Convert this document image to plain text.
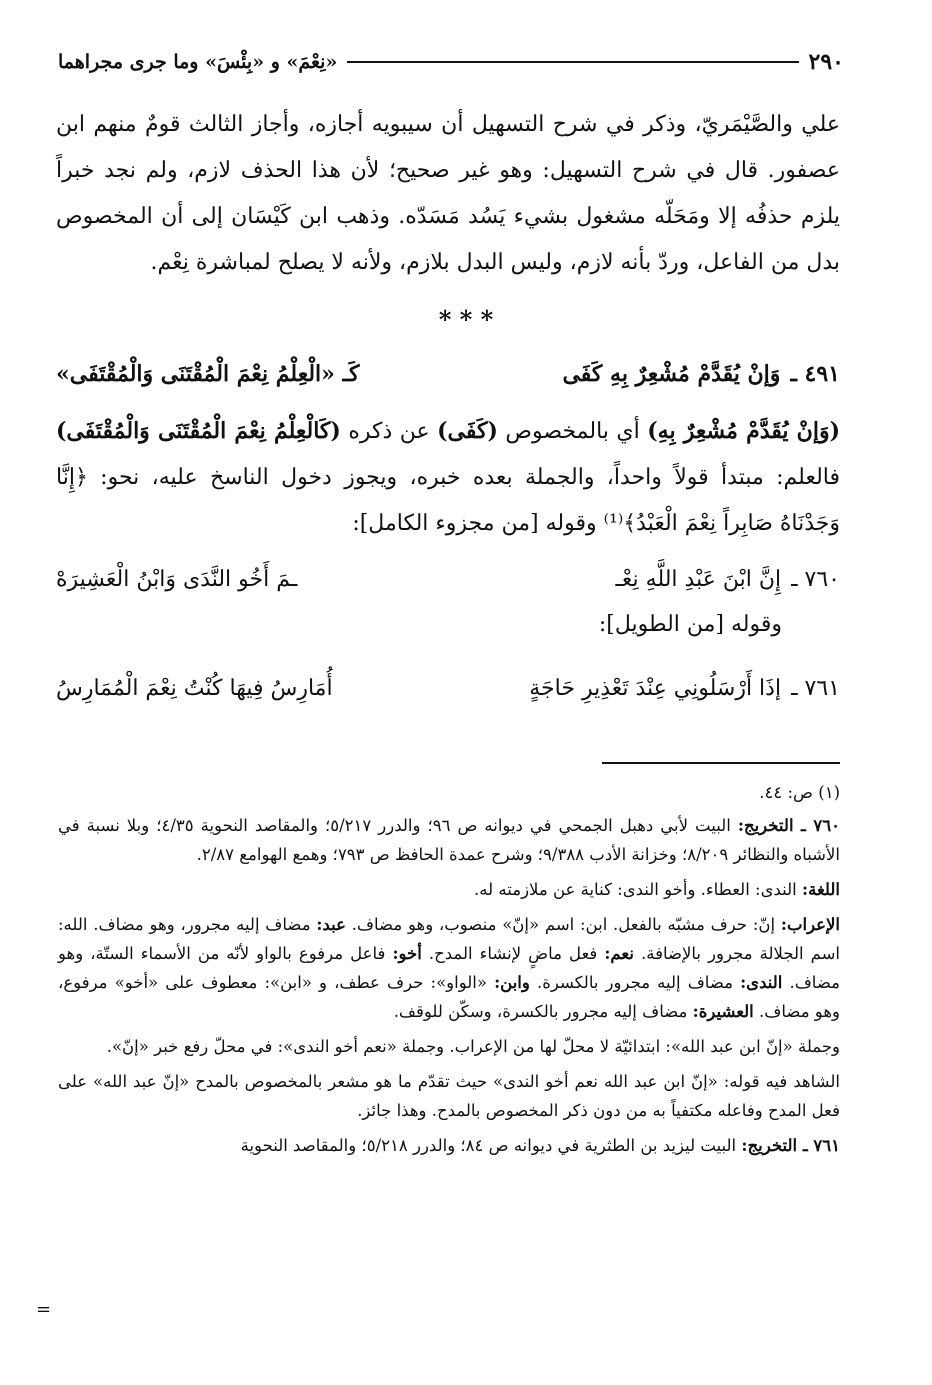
٢٩٠
«نِعْمَ» و «بِئْسَ» وما جرى مجراهما
علي والصَّيْمَريّ، وذكر في شرح التسهيل أن سيبويه أجازه، وأجاز الثالث قومٌ منهم ابن عصفور. قال في شرح التسهيل: وهو غير صحيح؛ لأن هذا الحذف لازم، ولم نجد خبراً يلزم حذفُه إلا ومَحَلّه مشغول بشيء يَسُد مَسَدّه. وذهب ابن كَيْسَان إلى أن المخصوص بدل من الفاعل، وردّ بأنه لازم، وليس البدل بلازم، ولأنه لا يصلح لمباشرة نِعْم.
* * *
٤٩١ ـ
وَإنْ يُقَدَّمْ مُشْعِرٌ بِهِ كَفَى
كَـ «الْعِلْمُ نِعْمَ الْمُقْتَنَى وَالْمُقْتَفَى»
(وَإنْ يُقَدَّمْ مُشْعِرٌ بِهِ) أي بالمخصوص (كَفَى) عن ذكره (كَالْعِلْمُ نِعْمَ الْمُقْتَنَى وَالْمُقْتَفَى) فالعلم: مبتدأ قولاً واحداً، والجملة بعده خبره، ويجوز دخول الناسخ عليه، نحو: ﴿إِنَّا وَجَدْنَاهُ صَابِراً نِعْمَ الْعَبْدُ﴾⁽¹⁾ وقوله [من مجزوء الكامل]:
٧٦٠ ـ
إِنَّ ابْنَ عَبْدِ اللَّهِ نِعْـ
ـمَ أَخُو النَّدَى وَابْنُ الْعَشِيرَهْ
وقوله [من الطويل]:
٧٦١ ـ
إذَا أَرْسَلُونِي عِنْدَ تَعْذِيرِ حَاجَةٍ
أُمَارِسُ فِيهَا كُنْتُ نِعْمَ الْمُمَارِسُ

(١) ص: ٤٤.

٧٦٠ ـ التخريج: البيت لأبي دهبل الجمحي في ديوانه ص ٩٦؛ والدرر ٥/٢١٧؛ والمقاصد النحوية ٤/٣٥؛ وبلا نسبة في الأشباه والنظائر ٨/٢٠٩؛ وخزانة الأدب ٩/٣٨٨؛ وشرح عمدة الحافظ ص ٧٩٣؛ وهمع الهوامع ٢/٨٧.

اللغة: الندى: العطاء. وأخو الندى: كناية عن ملازمته له.

الإعراب: إنّ: حرف مشبّه بالفعل. ابن: اسم «إنّ» منصوب، وهو مضاف. عبد: مضاف إليه مجرور، وهو مضاف. الله: اسم الجلالة مجرور بالإضافة. نعم: فعل ماضٍ لإنشاء المدح. أخو: فاعل مرفوع بالواو لأنّه من الأسماء الستّة، وهو مضاف. الندى: مضاف إليه مجرور بالكسرة. وابن: «الواو»: حرف عطف، و «ابن»: معطوف على «أخو» مرفوع، وهو مضاف. العشيرة: مضاف إليه مجرور بالكسرة، وسكّن للوقف.

وجملة «إنّ ابن عبد الله»: ابتدائيّة لا محلّ لها من الإعراب. وجملة «نعم أخو الندى»: في محلّ رفع خبر «إنّ».

الشاهد فيه قوله: «إنّ ابن عبد الله نعم أخو الندى» حيث تقدّم ما هو مشعر بالمخصوص بالمدح «إنّ عبد الله» على فعل المدح وفاعله مكتفياً به من دون ذكر المخصوص بالمدح. وهذا جائز.

٧٦١ ـ التخريج: البيت ليزيد بن الطثرية في ديوانه ص ٨٤؛ والدرر ٥/٢١٨؛ والمقاصد النحوية

=
